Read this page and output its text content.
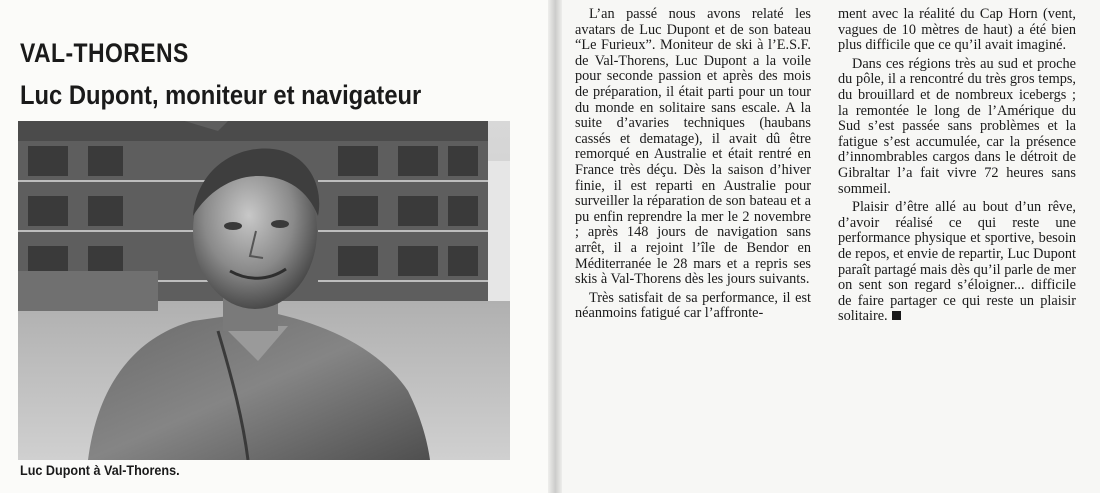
VAL-THORENS
Luc Dupont, moniteur et navigateur
Luc Dupont à Val-Thorens.

L’an passé nous avons relaté les avatars de Luc Dupont et de son bateau “Le Furieux”. Moniteur de ski à l’E.S.F. de Val-Thorens, Luc Dupont a la voile pour seconde passion et après des mois de préparation, il était parti pour un tour du monde en solitaire sans escale. A la suite d’avaries techniques (haubans cassés et dematage), il avait dû être remorqué en Australie et était rentré en France très déçu. Dès la saison d’hiver finie, il est reparti en Australie pour surveiller la réparation de son bateau et a pu enfin reprendre la mer le 2 novembre ; après 148 jours de navigation sans arrêt, il a rejoint l’île de Bendor en Méditerranée le 28 mars et a repris ses skis à Val-Thorens dès les jours suivants.

Très satisfait de sa performance, il est néanmoins fatigué car l’affronte-

ment avec la réalité du Cap Horn (vent, vagues de 10 mètres de haut) a été bien plus difficile que ce qu’il avait imaginé.

Dans ces régions très au sud et proche du pôle, il a rencontré du très gros temps, du brouillard et de nombreux icebergs ; la remontée le long de l’Amérique du Sud s’est passée sans problèmes et la fatigue s’est accumulée, car la présence d’innombrables cargos dans le détroit de Gibraltar l’a fait vivre 72 heures sans sommeil.

Plaisir d’être allé au bout d’un rêve, d’avoir réalisé ce qui reste une performance physique et sportive, besoin de repos, et envie de repartir, Luc Dupont paraît partagé mais dès qu’il parle de mer on sent son regard s’éloigner... difficile de faire partager ce qui reste un plaisir solitaire.
